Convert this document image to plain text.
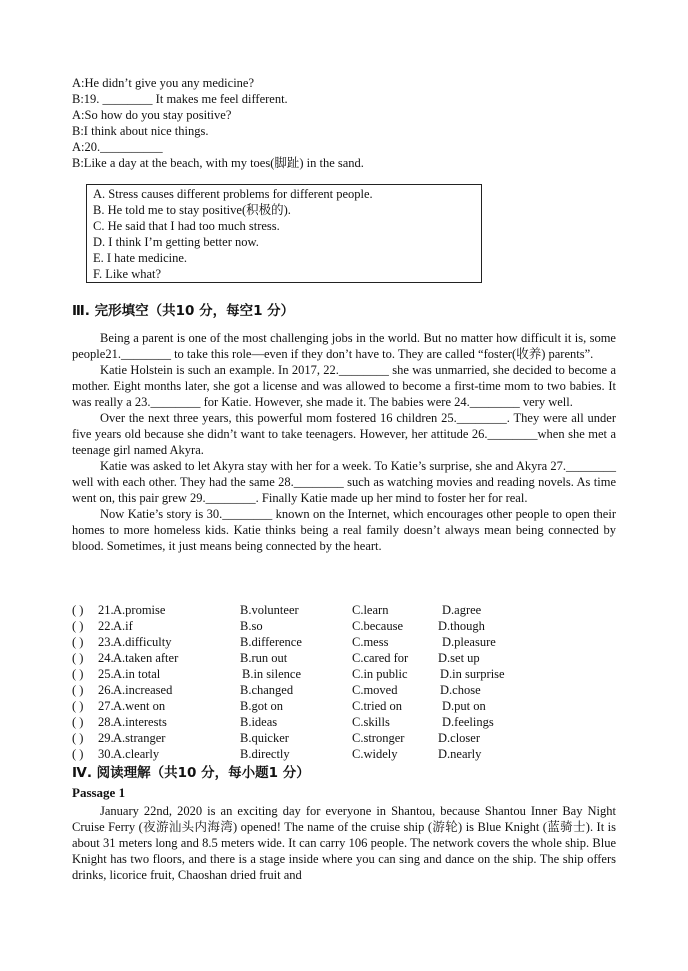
A:He didn’t give you any medicine?
B:19. ________ It makes me feel different.
A:So how do you stay positive?
B:I think about nice things.
A:20.__________
B:Like a day at the beach, with my toes(脚趾) in the sand.
A. Stress causes different problems for different people.
B. He told me to stay positive(积极的).
C. He said that I had too much stress.
D. I think I’m getting better now.
E. I hate medicine.
F. Like what?
Ⅲ. 完形填空（共10 分，每空1 分）
Being a parent is one of the most challenging jobs in the world. But no matter how difficult it is, some people21.________ to take this role—even if they don’t have to. They are called “foster(收养) parents”.
Katie Holstein is such an example. In 2017, 22.________ she was unmarried, she decided to become a mother. Eight months later, she got a license and was allowed to become a first-time mom to two babies. It was really a 23.________ for Katie. However, she made it. The babies were 24.________ very well.
Over the next three years, this powerful mom fostered 16 children 25.________. They were all under five years old because she didn’t want to take teenagers. However, her attitude 26.________when she met a teenage girl named Akyra.
Katie was asked to let Akyra stay with her for a week. To Katie’s surprise, she and Akyra 27.________ well with each other. They had the same 28.________ such as watching movies and reading novels. As time went on, this pair grew 29.________. Finally Katie made up her mind to foster her for real.
Now Katie’s story is 30.________ known on the Internet, which encourages other people to open their homes to more homeless kids. Katie thinks being a real family doesn’t always mean being connected by blood. Sometimes, it just means being connected by the heart.
( ) 21. A.promise	B.volunteer	C.learn	D.agree
( ) 22. A.if	B.so	C.because	D.though
( ) 23. A.difficulty	B.difference	C.mess	D.pleasure
( ) 24. A.taken after	B.run out	C.cared for D.set up
( ) 25. A.in total	B.in silence	C.in public	D.in surprise
( ) 26. A.increased	B.changed	C.moved	D.chose
( ) 27. A.went on	B.got on	C.tried on	D.put on
( ) 28. A.interests	B.ideas	C.skills	D.feelings
( ) 29. A.stranger	B.quicker	C.stronger	D.closer
( ) 30. A.clearly	B.directly	C.widely	D.nearly
Ⅳ. 阅读理解（共10 分，每小题1 分）
Passage 1
January 22nd, 2020 is an exciting day for everyone in Shantou, because Shantou Inner Bay Night Cruise Ferry (夜游汕头内海湾) opened! The name of the cruise ship (游轮) is Blue Knight (蓝骑士). It is about 31 meters long and 8.5 meters wide. It can carry 106 people. The network covers the whole ship. Blue Knight has two floors, and there is a stage inside where you can sing and dance on the ship. The ship offers drinks, licorice fruit, Chaoshan dried fruit and
